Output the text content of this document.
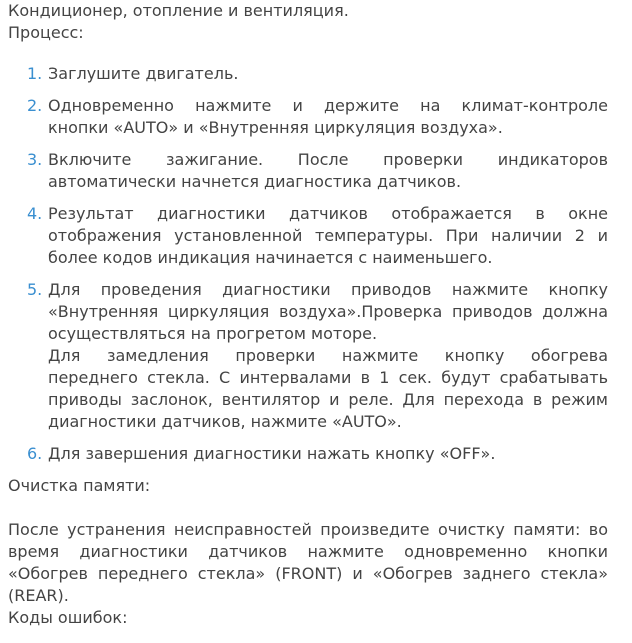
Кондиционер, отопление и вентиляция.

Процесс:

1. Заглушите двигатель.
2. Одновременно нажмите и держите на климат-контроле
кнопки «AUTO» и «Внутренняя циркуляция воздуха».
3. Включите зажигание. После проверки индикаторов
автоматически начнется диагностика датчиков.
4. Результат диагностики датчиков отображается в окне
отображения установленной температуры. При наличии 2 и
более кодов индикация начинается с наименьшего.
5. Для проведения диагностики приводов нажмите кнопку
«Внутренняя циркуляция воздуха».Проверка приводов должна
осуществляться на прогретом моторе.
Для замедления проверки нажмите кнопку обогрева
переднего стекла. С интервалами в 1 сек. будут срабатывать
приводы заслонок, вентилятор и реле. Для перехода в режим
диагностики датчиков, нажмите «AUTO».
6. Для завершения диагностики нажать кнопку «OFF».

Очистка памяти:

После устранения неисправностей произведите очистку памяти: во
время диагностики датчиков нажмите одновременно кнопки
«Обогрев переднего стекла» (FRONT) и «Обогрев заднего стекла»
(REAR).

Коды ошибок:
